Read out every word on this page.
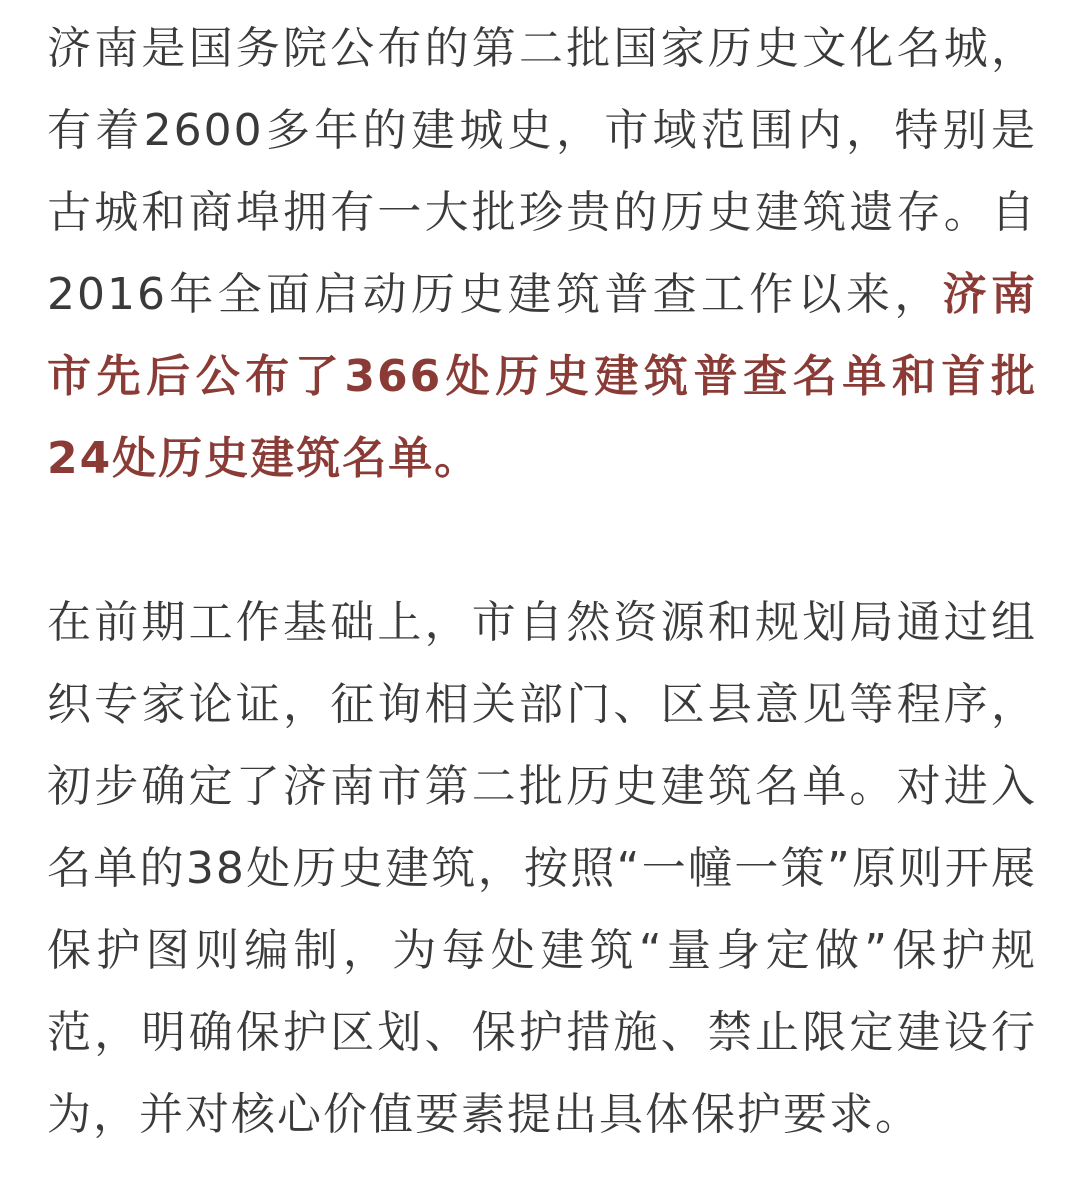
济南是国务院公布的第二批国家历史文化名城，有着2600多年的建城史，市域范围内，特别是古城和商埠拥有一大批珍贵的历史建筑遗存。自2016年全面启动历史建筑普查工作以来，济南市先后公布了366处历史建筑普查名单和首批24处历史建筑名单。

在前期工作基础上，市自然资源和规划局通过组织专家论证，征询相关部门、区县意见等程序，初步确定了济南市第二批历史建筑名单。对进入名单的38处历史建筑，按照“一幢一策”原则开展保护图则编制，为每处建筑“量身定做”保护规范，明确保护区划、保护措施、禁止限定建设行为，并对核心价值要素提出具体保护要求。
